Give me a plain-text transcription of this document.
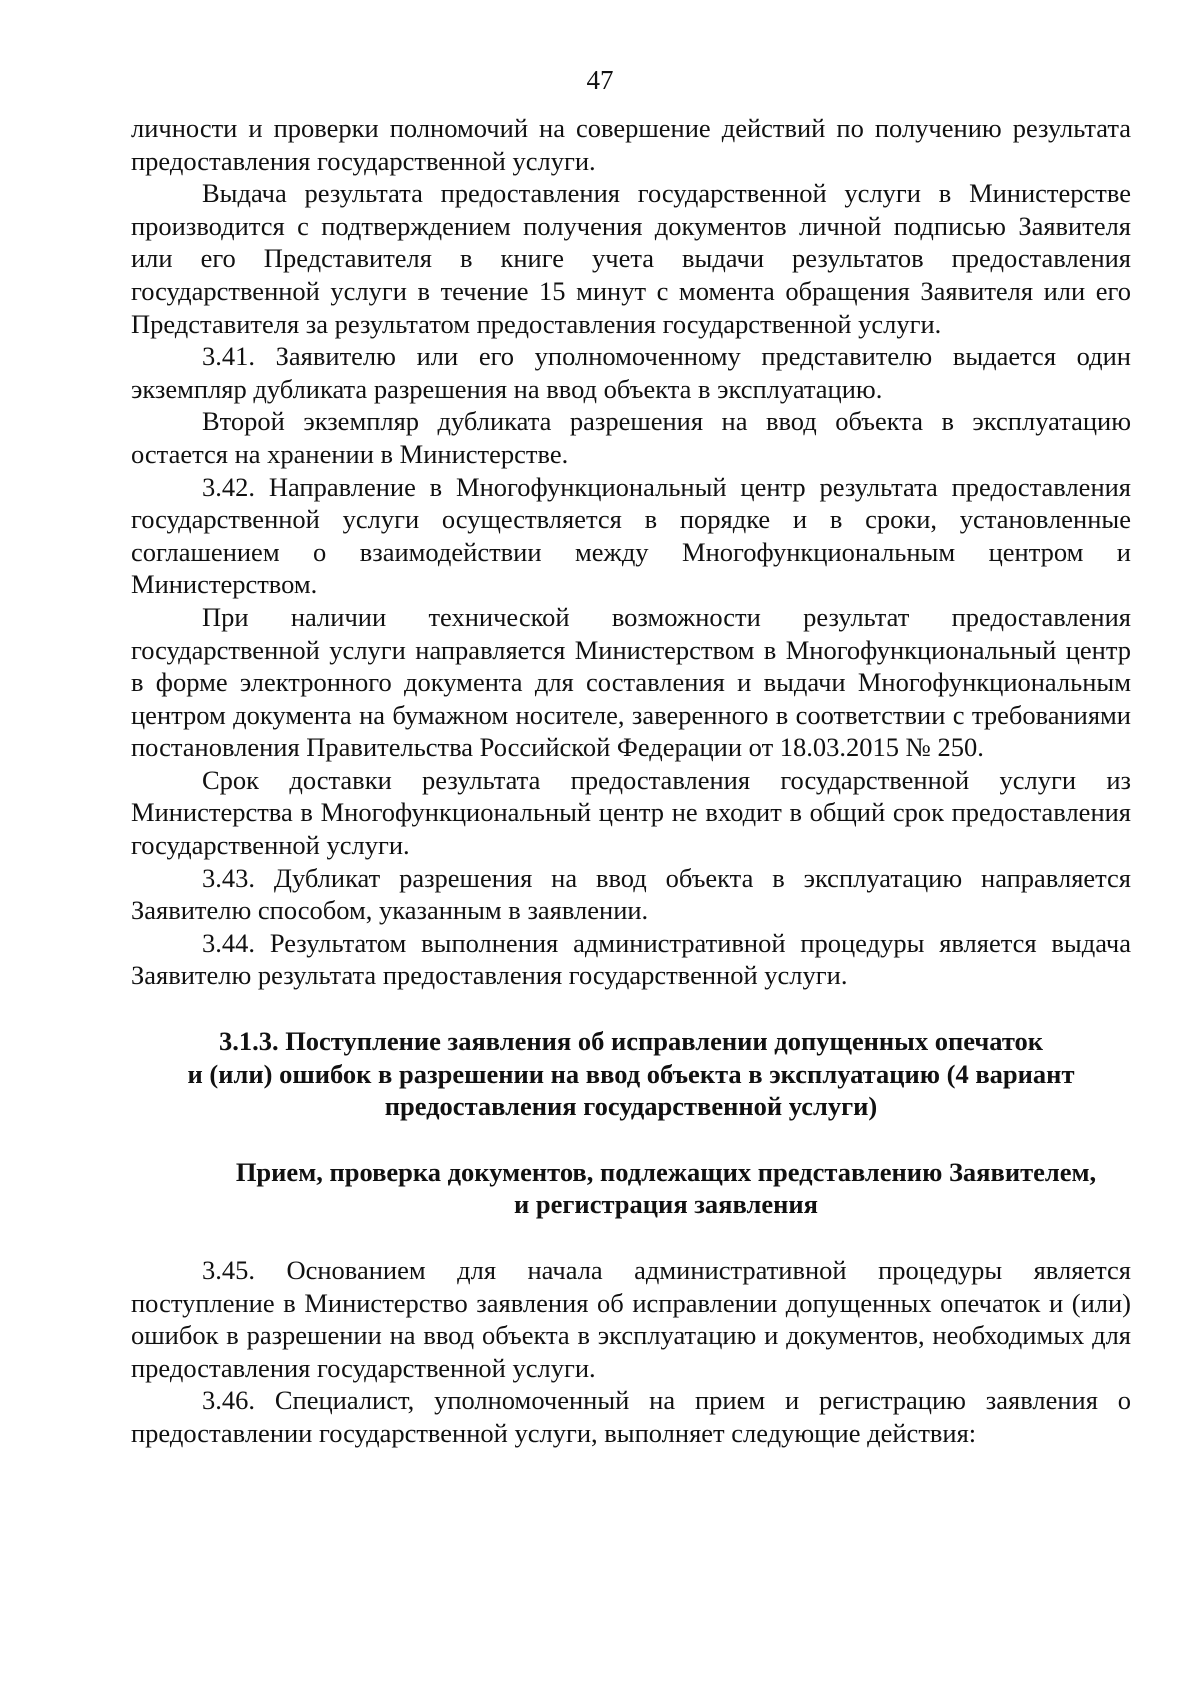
47

личности и проверки полномочий на совершение действий по получению результата предоставления государственной услуги.

Выдача результата предоставления государственной услуги в Министерстве производится с подтверждением получения документов личной подписью Заявителя или его Представителя в книге учета выдачи результатов предоставления государственной услуги в течение 15 минут с момента обращения Заявителя или его Представителя за результатом предоставления государственной услуги.

3.41. Заявителю или его уполномоченному представителю выдается один экземпляр дубликата разрешения на ввод объекта в эксплуатацию.

Второй экземпляр дубликата разрешения на ввод объекта в эксплуатацию остается на хранении в Министерстве.

3.42. Направление в Многофункциональный центр результата предоставления государственной услуги осуществляется в порядке и в сроки, установленные соглашением о взаимодействии между Многофункциональным центром и Министерством.

При наличии технической возможности результат предоставления государственной услуги направляется Министерством в Многофункциональный центр в форме электронного документа для составления и выдачи Многофункциональным центром документа на бумажном носителе, заверенного в соответствии с требованиями постановления Правительства Российской Федерации от 18.03.2015 № 250.

Срок доставки результата предоставления государственной услуги из Министерства в Многофункциональный центр не входит в общий срок предоставления государственной услуги.

3.43. Дубликат разрешения на ввод объекта в эксплуатацию направляется Заявителю способом, указанным в заявлении.

3.44. Результатом выполнения административной процедуры является выдача Заявителю результата предоставления государственной услуги.

3.1.3. Поступление заявления об исправлении допущенных опечаток
и (или) ошибок в разрешении на ввод объекта в эксплуатацию (4 вариант
предоставления государственной услуги)
Прием, проверка документов, подлежащих представлению Заявителем,
и регистрация заявления

3.45. Основанием для начала административной процедуры является поступление в Министерство заявления об исправлении допущенных опечаток и (или) ошибок в разрешении на ввод объекта в эксплуатацию и документов, необходимых для предоставления государственной услуги.

3.46. Специалист, уполномоченный на прием и регистрацию заявления о предоставлении государственной услуги, выполняет следующие действия:
